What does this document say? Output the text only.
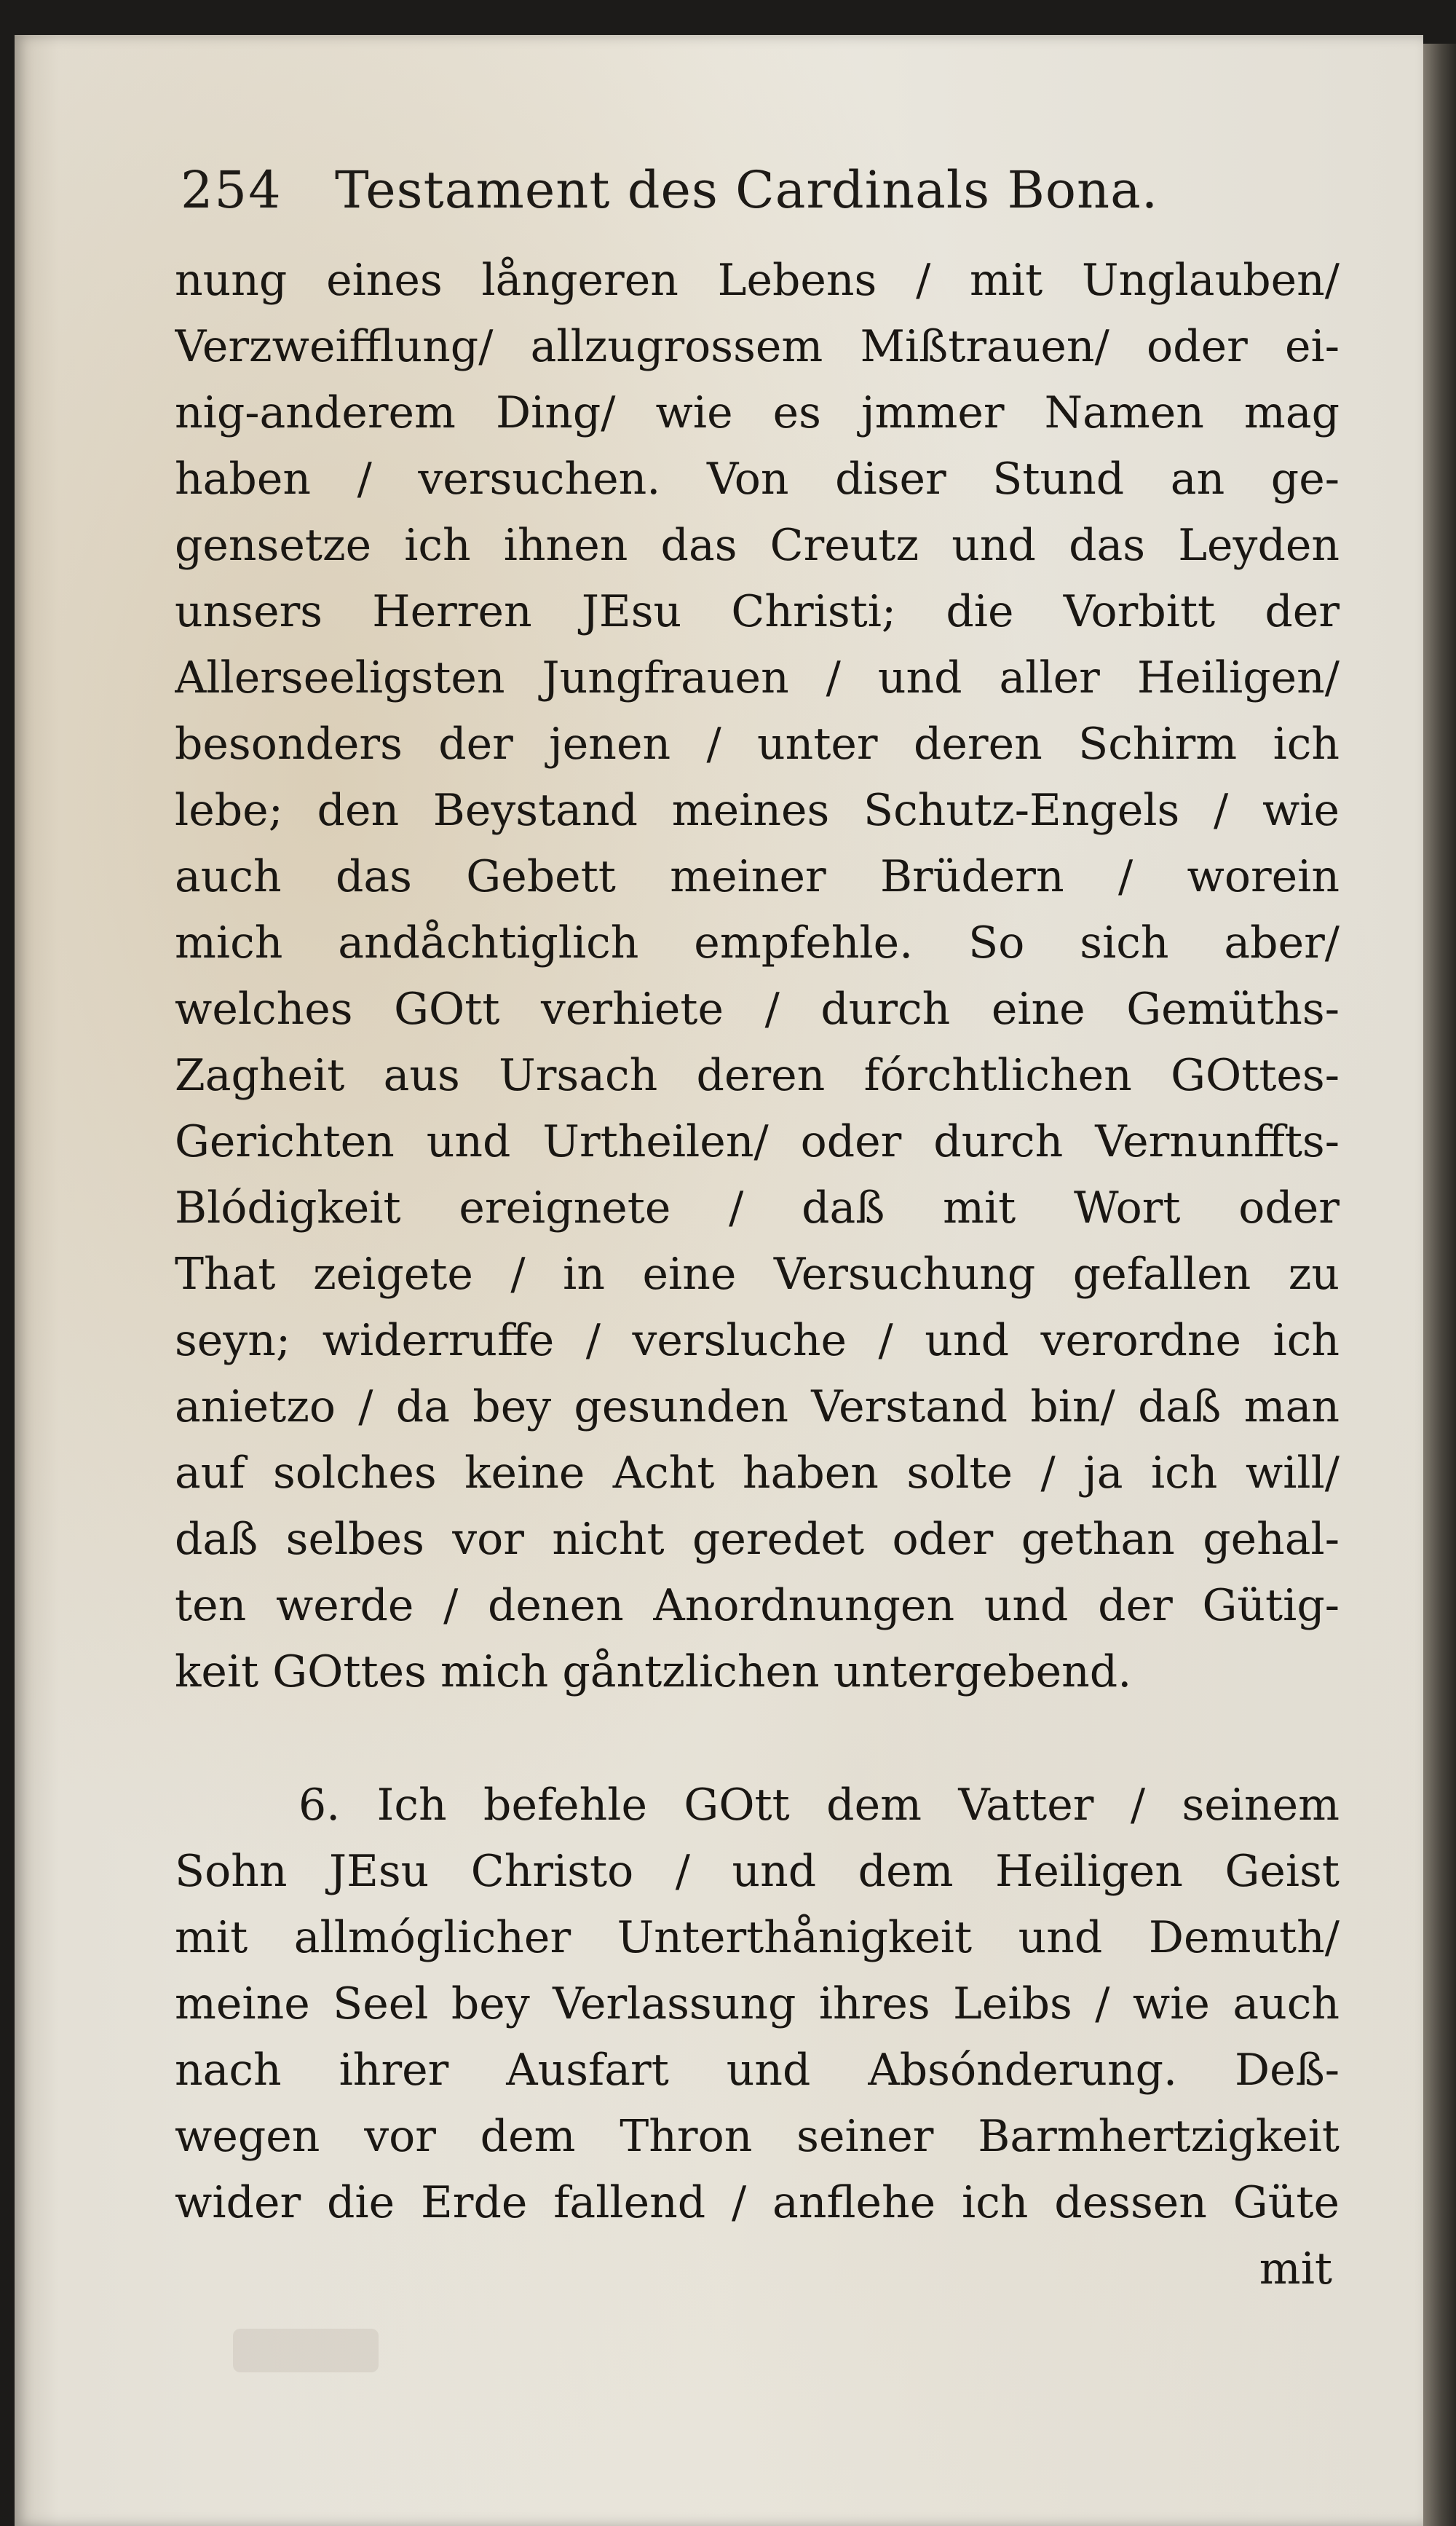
254 Testament des Cardinals Bona.
nung eines långeren Lebens / mit Unglauben/
Verzweifflung/ allzugrossem Mißtrauen/ oder ei-
nig-anderem Ding/ wie es jmmer Namen mag
haben / versuchen. Von diser Stund an ge-
gensetze ich ihnen das Creutz und das Leyden
unsers Herren JEsu Christi; die Vorbitt der
Allerseeligsten Jungfrauen / und aller Heiligen/
besonders der jenen / unter deren Schirm ich
lebe; den Beystand meines Schutz-Engels / wie
auch das Gebett meiner Brüdern / worein
mich andåchtiglich empfehle. So sich aber/
welches GOtt verhiete / durch eine Gemüths-
Zagheit aus Ursach deren fórchtlichen GOttes-
Gerichten und Urtheilen/ oder durch Vernunffts-
Blódigkeit ereignete / daß mit Wort oder
That zeigete / in eine Versuchung gefallen zu
seyn; widerruffe / versluche / und verordne ich
anietzo / da bey gesunden Verstand bin/ daß man
auf solches keine Acht haben solte / ja ich will/
daß selbes vor nicht geredet oder gethan gehal-
ten werde / denen Anordnungen und der Gütig-
keit GOttes mich gåntzlichen untergebend.
6. Ich befehle GOtt dem Vatter / seinem
Sohn JEsu Christo / und dem Heiligen Geist
mit allmóglicher Unterthånigkeit und Demuth/
meine Seel bey Verlassung ihres Leibs / wie auch
nach ihrer Ausfart und Absónderung. Deß-
wegen vor dem Thron seiner Barmhertzigkeit
wider die Erde fallend / anflehe ich dessen Güte
mit
